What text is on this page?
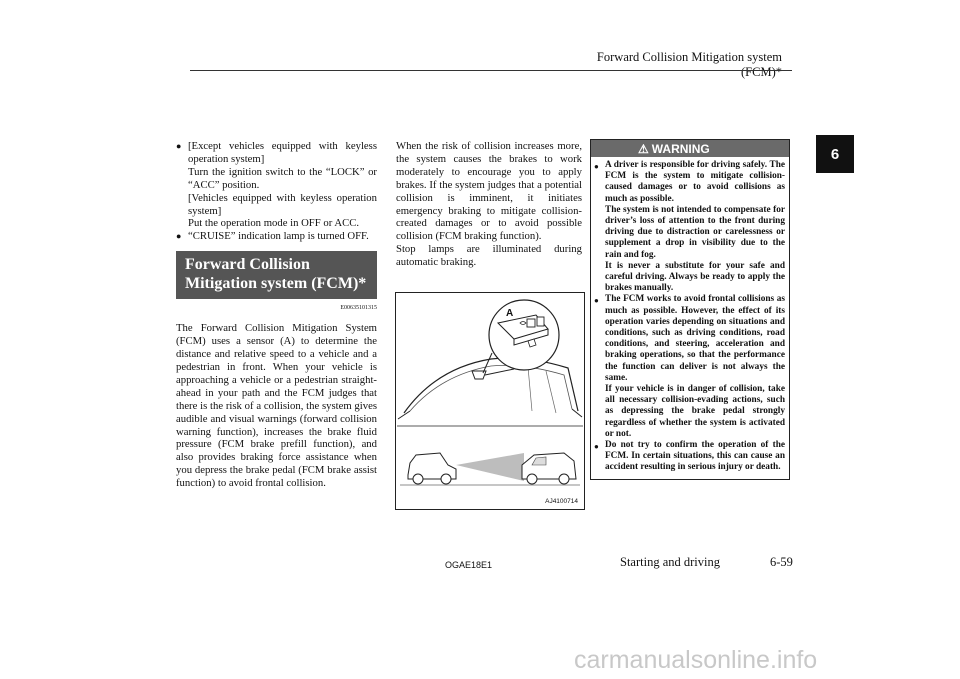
Forward Collision Mitigation system (FCM)*
6
● [Except vehicles equipped with keyless operation system]

Turn the ignition switch to the “LOCK” or “ACC” position.

[Vehicles equipped with keyless operation system]

Put the operation mode in OFF or ACC.

● “CRUISE” indication lamp is turned OFF.

Forward Collision
Mitigation system (FCM)*
E00635101315

The Forward Collision Mitigation System (FCM) uses a sensor (A) to determine the distance and relative speed to a vehicle and a pedestrian in front. When your vehicle is approaching a vehicle or a pedestrian straight-ahead in your path and the FCM judges that there is the risk of a collision, the system gives audible and visual warnings (forward collision warning function), increases the brake fluid pressure (FCM brake prefill function), and also provides braking force assistance when you depress the brake pedal (FCM brake assist function) to avoid frontal collision.

When the risk of collision increases more, the system causes the brakes to work moderately to encourage you to apply brakes. If the system judges that a potential collision is imminent, it initiates emergency braking to mitigate collision-created damages or to avoid possible collision (FCM braking function).

Stop lamps are illuminated during automatic braking.

A
AJ4100714
⚠ WARNING
● A driver is responsible for driving safely. The FCM is the system to mitigate collision- caused damages or to avoid collisions as much as possible.

The system is not intended to compensate for driver’s loss of attention to the front during driving due to distraction or carelessness or supplement a drop in visibility due to the rain and fog.

It is never a substitute for your safe and careful driving. Always be ready to apply the brakes manually.

● The FCM works to avoid frontal collisions as much as possible. However, the effect of its operation varies depending on situations and conditions, such as driving conditions, road conditions, and steering, acceleration and braking operations, so that the performance the function can deliver is not always the same.

If your vehicle is in danger of collision, take all necessary collision-evading actions, such as depressing the brake pedal strongly regardless of whether the system is activated or not.

● Do not try to confirm the operation of the FCM. In certain situations, this can cause an accident resulting in serious injury or death.

OGAE18E1	Starting and driving	6-59
carmanualsonline.info
